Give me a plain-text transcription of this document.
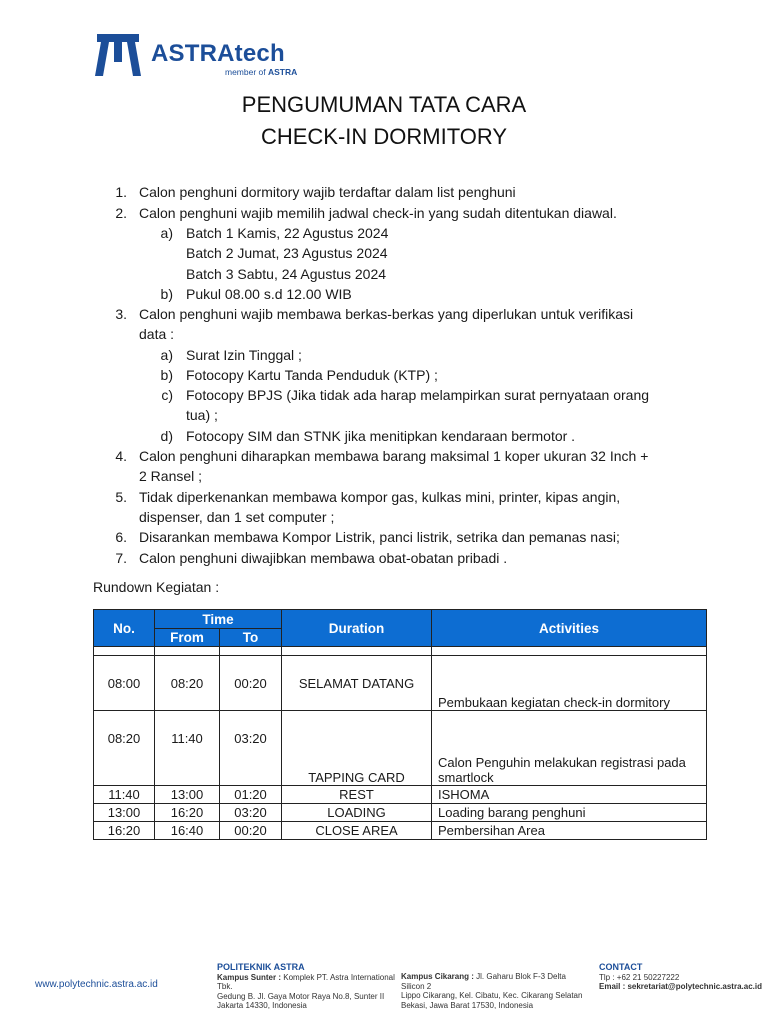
ASTRAtech
member of ASTRA
PENGUMUMAN TATA CARA
CHECK-IN DORMITORY
1. Calon penghuni dormitory wajib terdaftar dalam list penghuni
2. Calon penghuni wajib memilih jadwal check-in yang sudah ditentukan diawal.
a) Batch 1 Kamis, 22 Agustus 2024
Batch 2 Jumat, 23 Agustus 2024
Batch 3 Sabtu, 24 Agustus 2024
b) Pukul 08.00 s.d 12.00 WIB
3. Calon penghuni wajib membawa berkas-berkas yang diperlukan untuk verifikasi
data :
a) Surat Izin Tinggal ;
b) Fotocopy Kartu Tanda Penduduk (KTP) ;
c) Fotocopy BPJS (Jika tidak ada harap melampirkan surat pernyataan orang
tua) ;
d) Fotocopy SIM dan STNK jika menitipkan kendaraan bermotor .
4. Calon penghuni diharapkan membawa barang maksimal 1 koper ukuran 32 Inch +
2 Ransel ;
5. Tidak diperkenankan membawa kompor gas, kulkas mini, printer, kipas angin,
dispenser, dan 1 set computer ;
6. Disarankan membawa Kompor Listrik, panci listrik, setrika dan pemanas nasi;
7. Calon penghuni diwajibkan membawa obat-obatan pribadi .
Rundown Kegiatan :
No.	Time		Duration	Activities
	From	To		

08:00	08:20	00:20	SELAMAT DATANG	Pembukaan kegiatan check-in dormitory
08:20	11:40	03:20	TAPPING CARD	Calon Penguhin melakukan registrasi pada smartlock
11:40	13:00	01:20	REST	ISHOMA
13:00	16:20	03:20	LOADING	Loading barang penghuni
16:20	16:40	00:20	CLOSE AREA	Pembersihan Area
www.polytechnic.astra.ac.id
POLITEKNIK ASTRA
Kampus Sunter : Komplek PT. Astra International Tbk.
Gedung B. Jl. Gaya Motor Raya No.8, Sunter II
Jakarta 14330, Indonesia
Kampus Cikarang : Jl. Gaharu Blok F-3 Delta Silicon 2
Lippo Cikarang, Kel. Cibatu, Kec. Cikarang Selatan
Bekasi, Jawa Barat 17530, Indonesia
CONTACT
Tlp : +62 21 50227222
Email : sekretariat@polytechnic.astra.ac.id
